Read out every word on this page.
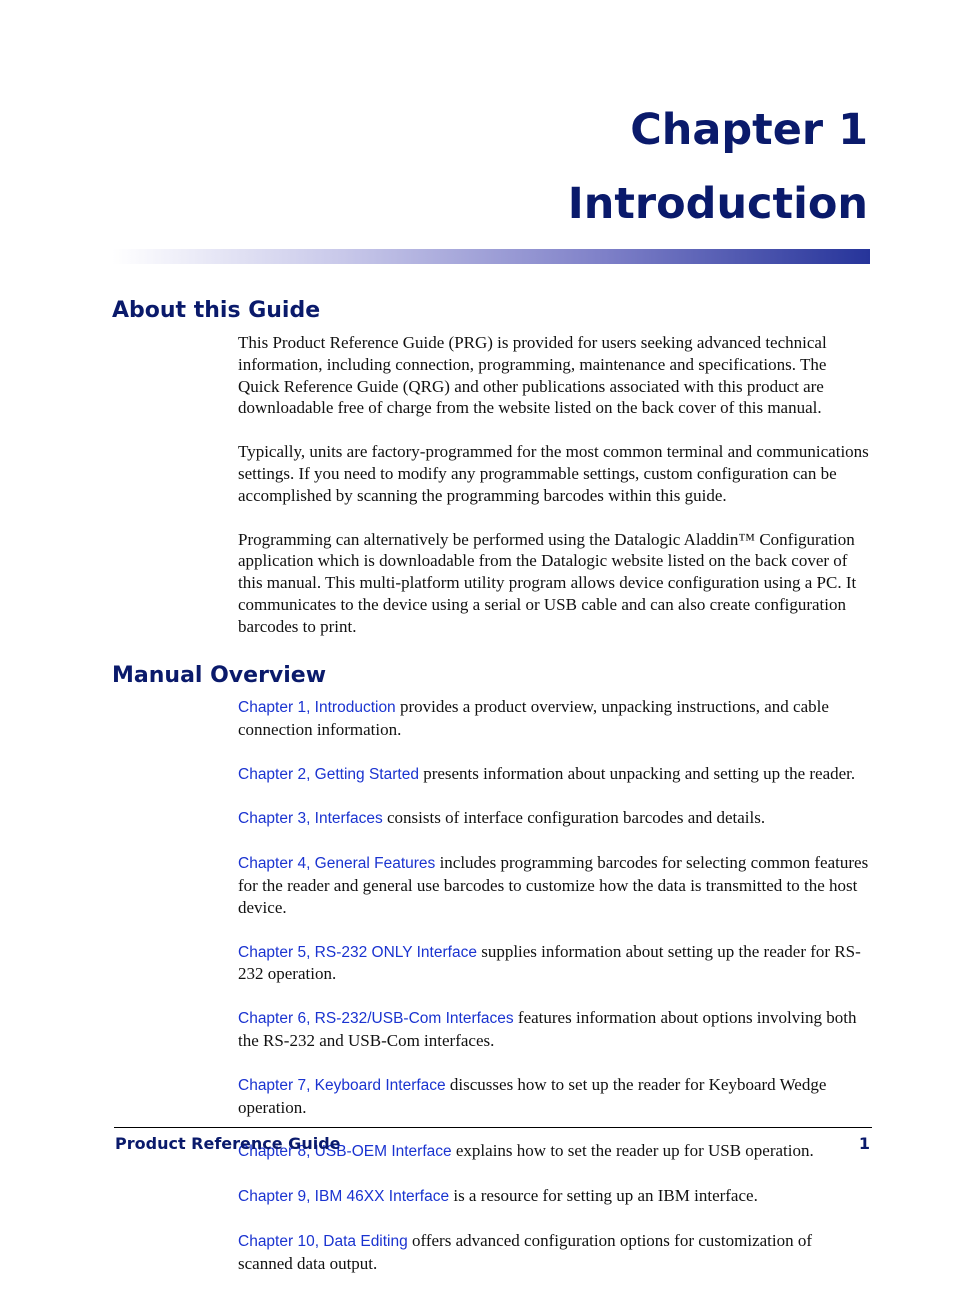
Chapter 1
Introduction
About this Guide

This Product Reference Guide (PRG) is provided for users seeking advanced technical information, including connection, programming, maintenance and specifications. The Quick Reference Guide (QRG) and other publications associated with this product are downloadable free of charge from the website listed on the back cover of this manual.

Typically, units are factory-programmed for the most common terminal and communications settings. If you need to modify any programmable settings, custom configuration can be accomplished by scanning the programming barcodes within this guide.

Programming can alternatively be performed using the Datalogic Aladdin™ Configuration application which is downloadable from the Datalogic website listed on the back cover of this manual. This multi-platform utility program allows device configuration using a PC. It communicates to the device using a serial or USB cable and can also create configuration barcodes to print.

Manual Overview

Chapter 1, Introduction provides a product overview, unpacking instructions, and cable connection information.

Chapter 2, Getting Started presents information about unpacking and setting up the reader.

Chapter 3, Interfaces consists of interface configuration barcodes and details.

Chapter 4, General Features includes programming barcodes for selecting common features for the reader and general use barcodes to customize how the data is transmitted to the host device.

Chapter 5, RS-232 ONLY Interface supplies information about setting up the reader for RS-232 operation.

Chapter 6, RS-232/USB-Com Interfaces features information about options involving both the RS-232 and USB-Com interfaces.

Chapter 7, Keyboard Interface discusses how to set up the reader for Keyboard Wedge operation.

Chapter 8, USB-OEM Interface explains how to set the reader up for USB operation.

Chapter 9, IBM 46XX Interface is a resource for setting up an IBM interface.

Chapter 10, Data Editing offers advanced configuration options for customization of scanned data output.

Product Reference Guide	1
